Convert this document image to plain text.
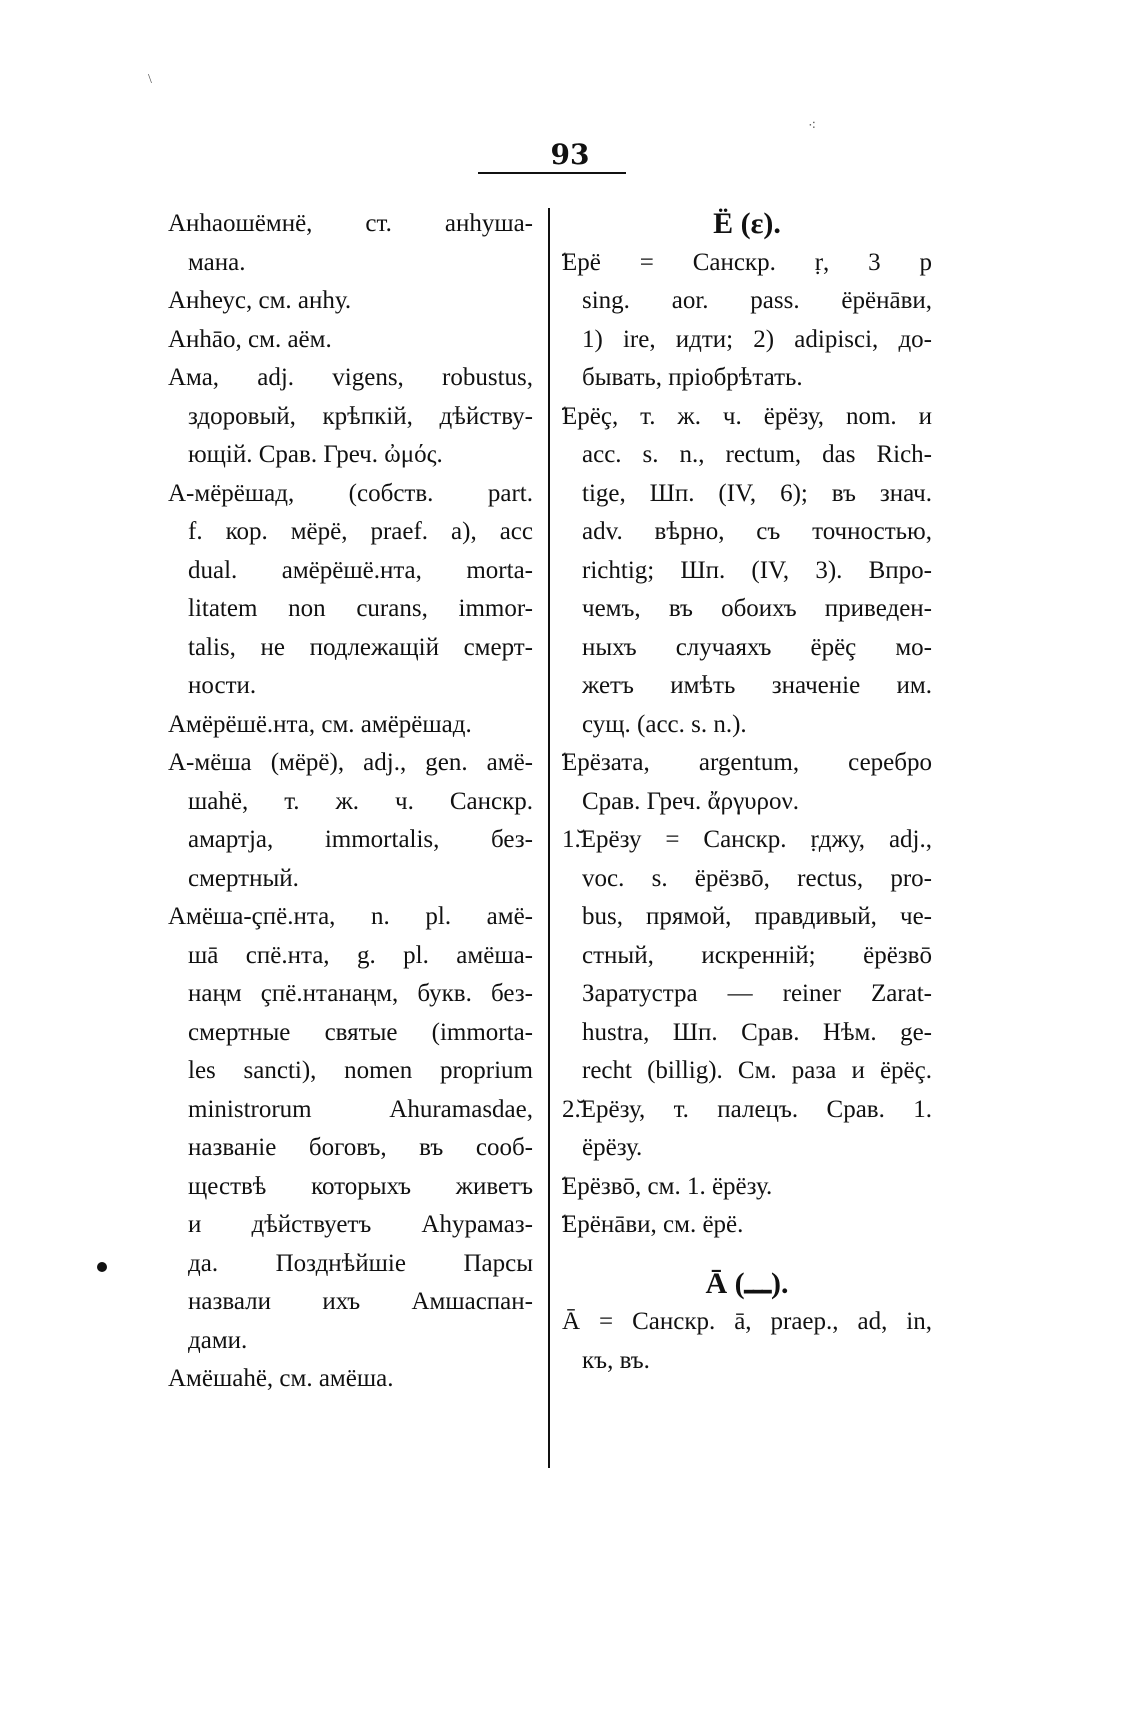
93
Анhаошёмнё, ст. анhушa-
мана.
Анhеус, см. анhу.
Анhāо, см. аём.
Ама, adj. vigens, robustus,
здоровый, крѣпкій, дѣйству-
ющій. Срав. Греч. ὠμός.
А-мёрёшад, (собств. part.
f. кор. мёрё, praef. а), acc
dual. амёрёшё.нта, morta-
litatem non curans, immor-
talis, не подлежащій смерт-
ности.
Амёрёшё.нта, см. амёрёшад.
А-мёша (мёрё), adj., gen. амё-
шаhё, т. ж. ч. Санскр.
амартjа, immortalis, без-
смертный.
Амёша-çпё.нта, n. pl. амё-
шā спё.нта, g. pl. амёша-
наңм çпё.нтанаңм, букв. без-
смертные святые (immorta-
les sancti), nomen proprium
ministrorum Ahuramasdae,
названіе боговъ, въ сооб-
ществѣ которыхъ живетъ
и дѣйствуетъ Аhурамаз-
да. Позднѣйшіе Парсы
назвали ихъ Амшаспан-
дами.
Амёшаhё, см. амёша.
Ё (ε).
̆Ерё = Санскр. ṛ, 3 p
sing. aor. pass. ёрёнāви,
1) ire, идти; 2) adipisci, до-
бывать, пріобрѣтать.
̆Ерёç, т. ж. ч. ёрёзу, nom. и
acc. s. n., rectum, das Rich-
tige, Шп. (IV, 6); въ знач.
adv. вѣрно, съ точностью,
richtig; Шп. (IV, 3). Впро-
чемъ, въ обоихъ приведен-
ныхъ случаяхъ ёрёç мо-
жетъ имѣть значеніе им.
сущ. (acc. s. n.).
̆Ерёзата, argentum, серебро
Срав. Греч. ἄργυρον.
1.̆Ерёзу = Санскр. ṛджу, adj.,
voc. s. ёрёзвō, rectus, pro-
bus, прямой, правдивый, че-
стный, искренній; ёрёзвō
Заратустра — reiner Zarat-
hustra, Шп. Срав. Нѣм. ge-
recht (billig). См. раза и ёрёç.
2.̆Ерёзу, т. палецъ. Срав. 1.
ёрёзу.
̆Ерёзвō, см. 1. ёрёзу.
̆Ерёнāви, см. ёрё.
Ā (ـــ).
Ā = Санскр. ā, praep., ad, in,
къ, въ.
\
⁖
